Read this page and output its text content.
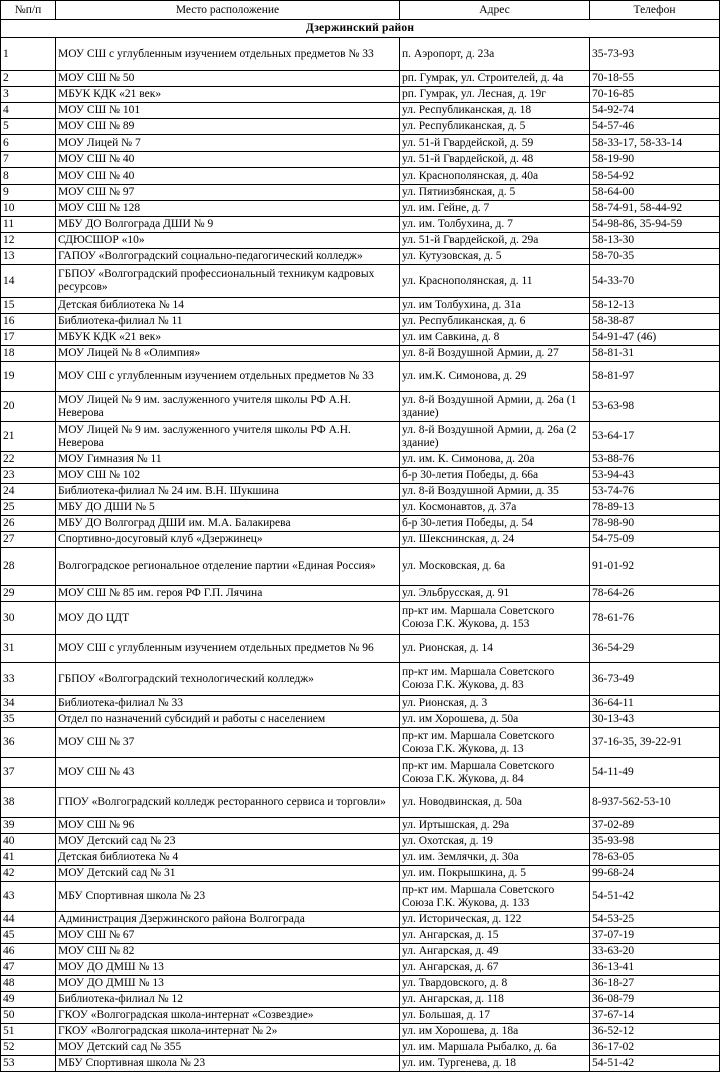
№п/п	Место расположение	Адрес	Телефон
Дзержинский район			
1	МОУ СШ с углубленным изучением отдельных предметов № 33	п. Аэропорт, д. 23а	35-73-93
2	МОУ СШ № 50	рп. Гумрак, ул. Строителей, д. 4а	70-18-55
3	МБУК КДК «21 век»	рп. Гумрак, ул. Лесная, д. 19г	70-16-85
4	МОУ СШ № 101	ул. Республиканская, д. 18	54-92-74
5	МОУ СШ № 89	ул. Республиканская, д. 5	54-57-46
6	МОУ Лицей № 7	ул. 51-й Гвардейской, д. 59	58-33-17, 58-33-14
7	МОУ СШ № 40	ул. 51-й Гвардейской, д. 48	58-19-90
8	МОУ СШ № 40	ул. Краснополянская, д. 40а	58-54-92
9	МОУ СШ № 97	ул. Пятиизбянская, д. 5	58-64-00
10	МОУ СШ № 128	ул. им. Гейне, д. 7	58-74-91, 58-44-92
11	МБУ ДО Волгограда ДШИ № 9	ул. им. Толбухина, д. 7	54-98-86, 35-94-59
12	СДЮСШОР «10»	ул. 51-й Гвардейской, д. 29а	58-13-30
13	ГАПОУ «Волгоградский социально-педагогический колледж»	ул. Кутузовская, д. 5	58-70-35
14	ГБПОУ «Волгоградский профессиональный техникум кадровых ресурсов»	ул. Краснополянская, д. 11	54-33-70
15	Детская библиотека № 14	ул. им Толбухина, д. 31а	58-12-13
16	Библиотека-филиал № 11	ул. Республиканская, д. 6	58-38-87
17	МБУК КДК «21 век»	ул. им Савкина, д. 8	54-91-47 (46)
18	МОУ Лицей № 8 «Олимпия»	ул. 8-й Воздушной Армии, д. 27	58-81-31
19	МОУ СШ с углубленным изучением отдельных предметов № 33	ул. им.К. Симонова, д. 29	58-81-97
20	МОУ Лицей № 9 им. заслуженного учителя школы РФ А.Н. Неверова	ул. 8-й Воздушной Армии, д. 26а (1 здание)	53-63-98
21	МОУ Лицей № 9 им. заслуженного учителя школы РФ А.Н. Неверова	ул. 8-й Воздушной Армии, д. 26а (2 здание)	53-64-17
22	МОУ Гимназия № 11	ул. им. К. Симонова, д. 20а	53-88-76
23	МОУ СШ № 102	б-р 30-летия Победы, д. 66а	53-94-43
24	Библиотека-филиал № 24 им. В.Н. Шукшина	ул. 8-й Воздушной Армии, д. 35	53-74-76
25	МБУ ДО ДШИ № 5	ул. Космонавтов, д. 37а	78-89-13
26	МБУ ДО Волгоград ДШИ им. М.А. Балакирева	б-р 30-летия Победы, д. 54	78-98-90
27	Спортивно-досуговый клуб «Дзержинец»	ул. Шекснинская, д. 24	54-75-09
28	Волгоградское региональное отделение партии «Единая Россия»	ул. Московская, д. 6а	91-01-92
29	МОУ СШ № 85 им. героя РФ Г.П. Лячина	ул. Эльбрусская, д. 91	78-64-26
30	МОУ ДО ЦДТ	пр-кт им. Маршала Советского Союза Г.К. Жукова, д. 153	78-61-76
31	МОУ СШ с углубленным изучением отдельных предметов № 96	ул. Рионская, д. 14	36-54-29
33	ГБПОУ «Волгоградский технологический колледж»	пр-кт им. Маршала Советского Союза Г.К. Жукова, д. 83	36-73-49
34	Библиотека-филиал № 33	ул. Рионская, д. 3	36-64-11
35	Отдел по назначений субсидий и работы с населением	ул. им Хорошева, д. 50а	30-13-43
36	МОУ СШ № 37	пр-кт им. Маршала Советского Союза Г.К. Жукова, д. 13	37-16-35, 39-22-91
37	МОУ СШ № 43	пр-кт им. Маршала Советского Союза Г.К. Жукова, д. 84	54-11-49
38	ГПОУ «Волгоградский колледж ресторанного сервиса и торговли»	ул. Новодвинская, д. 50а	8-937-562-53-10
39	МОУ СШ № 96	ул. Иртышская, д. 29а	37-02-89
40	МОУ Детский сад № 23	ул. Охотская, д. 19	35-93-98
41	Детская библиотека № 4	ул. им. Землячки, д. 30а	78-63-05
42	МОУ Детский сад № 31	ул. им. Покрышкина, д. 5	99-68-24
43	МБУ Спортивная школа № 23	пр-кт им. Маршала Советского Союза Г.К. Жукова, д. 133	54-51-42
44	Администрация Дзержинского района Волгограда	ул. Историческая, д. 122	54-53-25
45	МОУ СШ № 67	ул. Ангарская, д. 15	37-07-19
46	МОУ СШ № 82	ул. Ангарская, д. 49	33-63-20
47	МОУ ДО ДМШ № 13	ул. Ангарская, д. 67	36-13-41
48	МОУ ДО ДМШ № 13	ул. Твардовского, д. 8	36-18-27
49	Библиотека-филиал № 12	ул. Ангарская, д. 118	36-08-79
50	ГКОУ «Волгоградская школа-интернат «Созвездие»	ул. Большая, д. 17	37-67-14
51	ГКОУ «Волгоградская школа-интернат № 2»	ул. им Хорошева, д. 18а	36-52-12
52	МОУ Детский сад № 355	ул. им. Маршала Рыбалко, д. 6а	36-17-02
53	МБУ Спортивная школа № 23	ул. им. Тургенева, д. 18	54-51-42
